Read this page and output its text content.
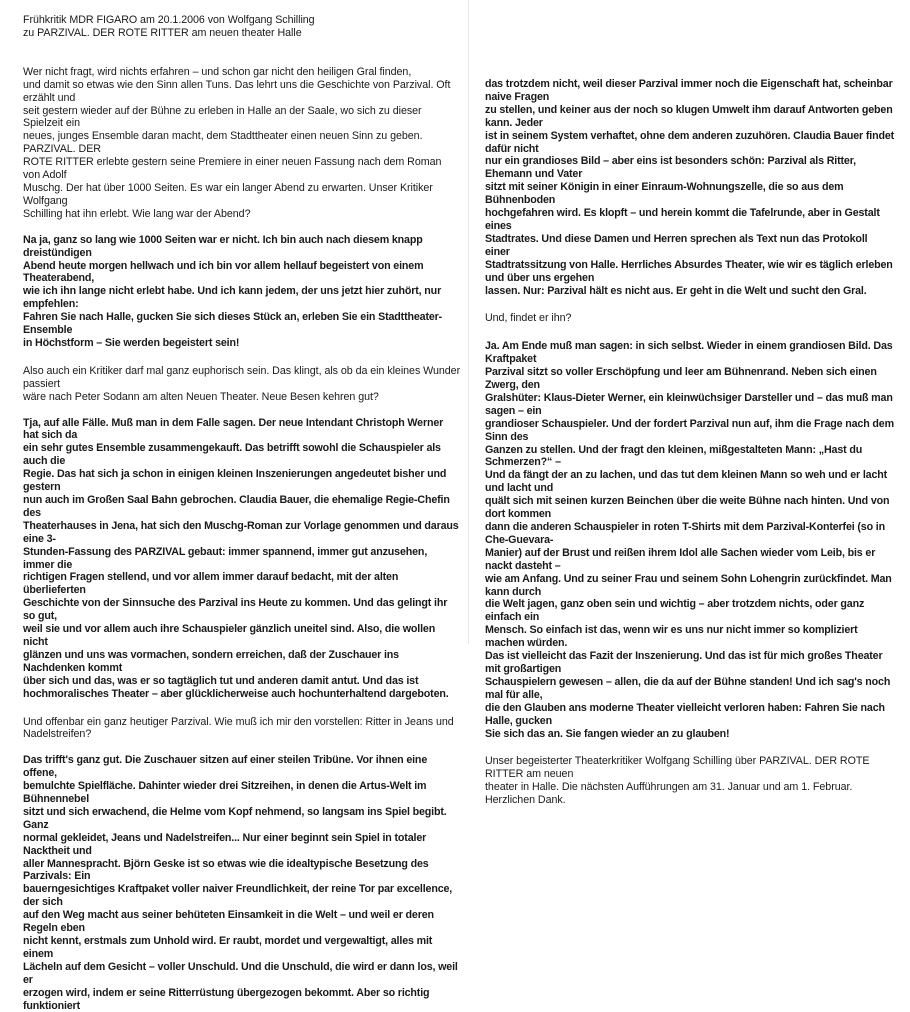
Frühkritik MDR FIGARO am 20.1.2006 von Wolfgang Schilling

zu PARZIVAL. DER ROTE RITTER am neuen theater Halle

Wer nicht fragt, wird nichts erfahren – und schon gar nicht den heiligen Gral finden,
und damit so etwas wie den Sinn allen Tuns. Das lehrt uns die Geschichte von Parzival. Oft erzählt und
seit gestern wieder auf der Bühne zu erleben in Halle an der Saale, wo sich zu dieser Spielzeit ein
neues, junges Ensemble daran macht, dem Stadttheater einen neuen Sinn zu geben. PARZIVAL. DER
ROTE RITTER erlebte gestern seine Premiere in einer neuen Fassung nach dem Roman von Adolf
Muschg. Der hat über 1000 Seiten. Es war ein langer Abend zu erwarten. Unser Kritiker Wolfgang
Schilling hat ihn erlebt. Wie lang war der Abend?

Na ja, ganz so lang wie 1000 Seiten war er nicht. Ich bin auch nach diesem knapp dreistündigen
Abend heute morgen hellwach und ich bin vor allem hellauf begeistert von einem Theaterabend,
wie ich ihn lange nicht erlebt habe. Und ich kann jedem, der uns jetzt hier zuhört, nur empfehlen:
Fahren Sie nach Halle, gucken Sie sich dieses Stück an, erleben Sie ein Stadttheater-Ensemble
in Höchstform – Sie werden begeistert sein!

Also auch ein Kritiker darf mal ganz euphorisch sein. Das klingt, als ob da ein kleines Wunder passiert
wäre nach Peter Sodann am alten Neuen Theater. Neue Besen kehren gut?

Tja, auf alle Fälle. Muß man in dem Falle sagen. Der neue Intendant Christoph Werner hat sich da
ein sehr gutes Ensemble zusammengekauft. Das betrifft sowohl die Schauspieler als auch die
Regie. Das hat sich ja schon in einigen kleinen Inszenierungen angedeutet bisher und gestern
nun auch im Großen Saal Bahn gebrochen. Claudia Bauer, die ehemalige Regie-Chefin des
Theaterhauses in Jena, hat sich den Muschg-Roman zur Vorlage genommen und daraus eine 3-
Stunden-Fassung des PARZIVAL gebaut: immer spannend, immer gut anzusehen, immer die
richtigen Fragen stellend, und vor allem immer darauf bedacht, mit der alten überlieferten
Geschichte von der Sinnsuche des Parzival ins Heute zu kommen. Und das gelingt ihr so gut,
weil sie und vor allem auch ihre Schauspieler gänzlich uneitel sind. Also, die wollen nicht
glänzen und uns was vormachen, sondern erreichen, daß der Zuschauer ins Nachdenken kommt
über sich und das, was er so tagtäglich tut und anderen damit antut. Und das ist
hochmoralisches Theater – aber glücklicherweise auch hochunterhaltend dargeboten.

Und offenbar ein ganz heutiger Parzival. Wie muß ich mir den vorstellen: Ritter in Jeans und
Nadelstreifen?

Das trifft's ganz gut. Die Zuschauer sitzen auf einer steilen Tribüne. Vor ihnen eine offene,
bemulchte Spielfläche. Dahinter wieder drei Sitzreihen, in denen die Artus-Welt im Bühnennebel
sitzt und sich erwachend, die Helme vom Kopf nehmend, so langsam ins Spiel begibt. Ganz
normal gekleidet, Jeans und Nadelstreifen... Nur einer beginnt sein Spiel in totaler Nacktheit und
aller Mannespracht. Björn Geske ist so etwas wie die idealtypische Besetzung des Parzivals: Ein
bauerngesichtiges Kraftpaket voller naiver Freundlichkeit, der reine Tor par excellence, der sich
auf den Weg macht aus seiner behüteten Einsamkeit in die Welt – und weil er deren Regeln eben
nicht kennt, erstmals zum Unhold wird. Er raubt, mordet und vergewaltigt, alles mit einem
Lächeln auf dem Gesicht – voller Unschuld. Und die Unschuld, die wird er dann los, weil er
erzogen wird, indem er seine Ritterrüstung übergezogen bekommt. Aber so richtig funktioniert

das trotzdem nicht, weil dieser Parzival immer noch die Eigenschaft hat, scheinbar naive Fragen
zu stellen, und keiner aus der noch so klugen Umwelt ihm darauf Antworten geben kann. Jeder
ist in seinem System verhaftet, ohne dem anderen zuzuhören. Claudia Bauer findet dafür nicht
nur ein grandioses Bild – aber eins ist besonders schön: Parzival als Ritter, Ehemann und Vater
sitzt mit seiner Königin in einer Einraum-Wohnungszelle, die so aus dem Bühnenboden
hochgefahren wird. Es klopft – und herein kommt die Tafelrunde, aber in Gestalt eines
Stadtrates. Und diese Damen und Herren sprechen als Text nun das Protokoll einer
Stadtratssitzung von Halle. Herrliches Absurdes Theater, wie wir es täglich erleben und über uns ergehen
lassen. Nur: Parzival hält es nicht aus. Er geht in die Welt und sucht den Gral.

Und, findet er ihn?

Ja. Am Ende muß man sagen: in sich selbst. Wieder in einem grandiosen Bild. Das Kraftpaket
Parzival sitzt so voller Erschöpfung und leer am Bühnenrand. Neben sich einen Zwerg, den
Gralshüter: Klaus-Dieter Werner, ein kleinwüchsiger Darsteller und – das muß man sagen – ein
grandioser Schauspieler. Und der fordert Parzival nun auf, ihm die Frage nach dem Sinn des
Ganzen zu stellen. Und der fragt den kleinen, mißgestalteten Mann: „Hast du Schmerzen?“ –
Und da fängt der an zu lachen, und das tut dem kleinen Mann so weh und er lacht und lacht und
quält sich mit seinen kurzen Beinchen über die weite Bühne nach hinten. Und von dort kommen
dann die anderen Schauspieler in roten T-Shirts mit dem Parzival-Konterfei (so in Che-Guevara-
Manier) auf der Brust und reißen ihrem Idol alle Sachen wieder vom Leib, bis er nackt dasteht –
wie am Anfang. Und zu seiner Frau und seinem Sohn Lohengrin zurückfindet. Man kann durch
die Welt jagen, ganz oben sein und wichtig – aber trotzdem nichts, oder ganz einfach ein
Mensch. So einfach ist das, wenn wir es uns nur nicht immer so kompliziert machen würden.
Das ist vielleicht das Fazit der Inszenierung. Und das ist für mich großes Theater mit großartigen
Schauspielern gewesen – allen, die da auf der Bühne standen! Und ich sag's noch mal für alle,
die den Glauben ans moderne Theater vielleicht verloren haben: Fahren Sie nach Halle, gucken
Sie sich das an. Sie fangen wieder an zu glauben!

Unser begeisterter Theaterkritiker Wolfgang Schilling über PARZIVAL. DER ROTE RITTER am neuen
theater in Halle. Die nächsten Aufführungen am 31. Januar und am 1. Februar.
Herzlichen Dank.
